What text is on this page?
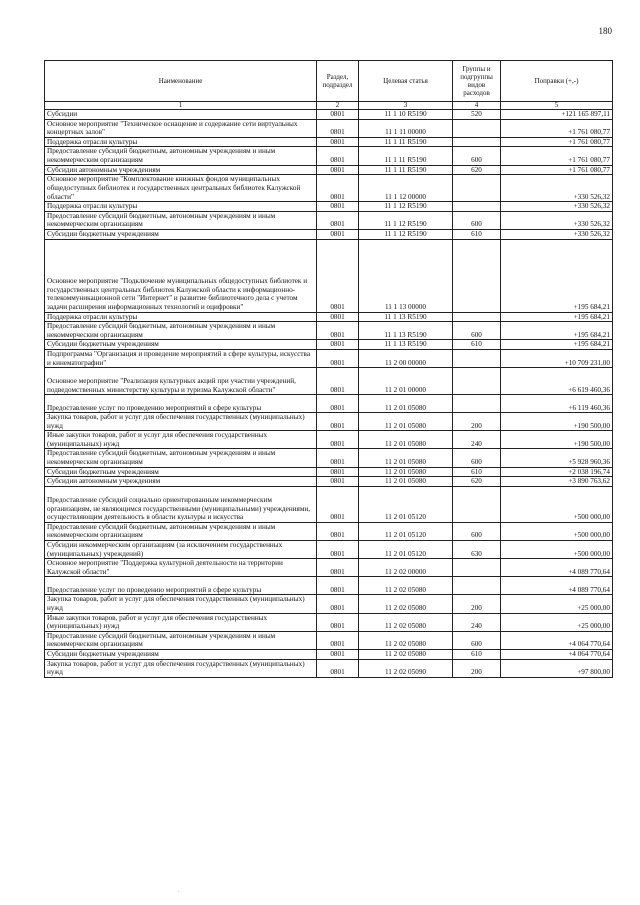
180
Наименование	Раздел, подраздел	Целевая статья	Группы и подгруппы видов расходов	Поправки (+,-)
1	2	3	4	5
Субсидии	0801	11 1 10 R5190	520	+121 165 897,11
Основное мероприятие "Техническое оснащение и содержание сети виртуальных концертных залов"	0801	11 1 11 00000		+1 761 080,77
Поддержка отрасли культуры	0801	11 1 11 R5190		+1 761 080,77
Предоставление субсидий бюджетным, автономным учреждениям и иным некоммерческим организациям	0801	11 1 11 R5190	600	+1 761 080,77
Субсидии автономным учреждениям	0801	11 1 11 R5190	620	+1 761 080,77
Основное мероприятие "Комплектование книжных фондов муниципальных общедоступных библиотек и государственных центральных библиотек Калужской области"	0801	11 1 12 00000		+330 526,32
Поддержка отрасли культуры	0801	11 1 12 R5190		+330 526,32
Предоставление субсидий бюджетным, автономным учреждениям и иным некоммерческим организациям	0801	11 1 12 R5190	600	+330 526,32
Субсидии бюджетным учреждениям	0801	11 1 12 R5190	610	+330 526,32
Основное мероприятие "Подключение муниципальных общедоступных библиотек и государственных центральных библиотек Калужской области к информационно-телекоммуникационной сети "Интернет" и развитие библиотечного дела с учетом задачи расширения информационных технологий и оцифровки"	0801	11 1 13 00000		+195 684,21
Поддержка отрасли культуры	0801	11 1 13 R5190		+195 684,21
Предоставление субсидий бюджетным, автономным учреждениям и иным некоммерческим организациям	0801	11 1 13 R5190	600	+195 684,21
Субсидии бюджетным учреждениям	0801	11 1 13 R5190	610	+195 684,21
Подпрограмма "Организация и проведение мероприятий в сфере культуры, искусства и кинематографии"	0801	11 2 00 00000		+10 709 231,00
Основное мероприятие "Реализация культурных акций при участии учреждений, подведомственных министерству культуры и туризма Калужской области"	0801	11 2 01 00000		+6 619 460,36
Предоставление услуг по проведению мероприятий в сфере культуры	0801	11 2 01 05080		+6 119 460,36
Закупка товаров, работ и услуг для обеспечения государственных (муниципальных) нужд	0801	11 2 01 05080	200	+190 500,00
Иные закупки товаров, работ и услуг для обеспечения государственных (муниципальных) нужд	0801	11 2 01 05080	240	+190 500,00
Предоставление субсидий бюджетным, автономным учреждениям и иным некоммерческим организациям	0801	11 2 01 05080	600	+5 928 960,36
Субсидии бюджетным учреждениям	0801	11 2 01 05080	610	+2 038 196,74
Субсидии автономным учреждениям	0801	11 2 01 05080	620	+3 890 763,62
Предоставление субсидий социально ориентированным некоммерческим организациям, не являющимся государственными (муниципальными) учреждениями, осуществляющим деятельность в области культуры и искусства	0801	11 2 01 05120		+500 000,00
Предоставление субсидий бюджетным, автономным учреждениям и иным некоммерческим организациям	0801	11 2 01 05120	600	+500 000,00
Субсидии некоммерческим организациям (за исключением государственных (муниципальных) учреждений)	0801	11 2 01 05120	630	+500 000,00
Основное мероприятие "Поддержка культурной деятельности на территории Калужской области"	0801	11 2 02 00000		+4 089 770,64
Предоставление услуг по проведению мероприятий в сфере культуры	0801	11 2 02 05080		+4 089 770,64
Закупка товаров, работ и услуг для обеспечения государственных (муниципальных) нужд	0801	11 2 02 05080	200	+25 000,00
Иные закупки товаров, работ и услуг для обеспечения государственных (муниципальных) нужд	0801	11 2 02 05080	240	+25 000,00
Предоставление субсидий бюджетным, автономным учреждениям и иным некоммерческим организациям	0801	11 2 02 05080	600	+4 064 770,64
Субсидии бюджетным учреждениям	0801	11 2 02 05080	610	+4 064 770,64
Закупка товаров, работ и услуг для обеспечения государственных (муниципальных) нужд	0801	11 2 02 05090	200	+97 800,00
.
